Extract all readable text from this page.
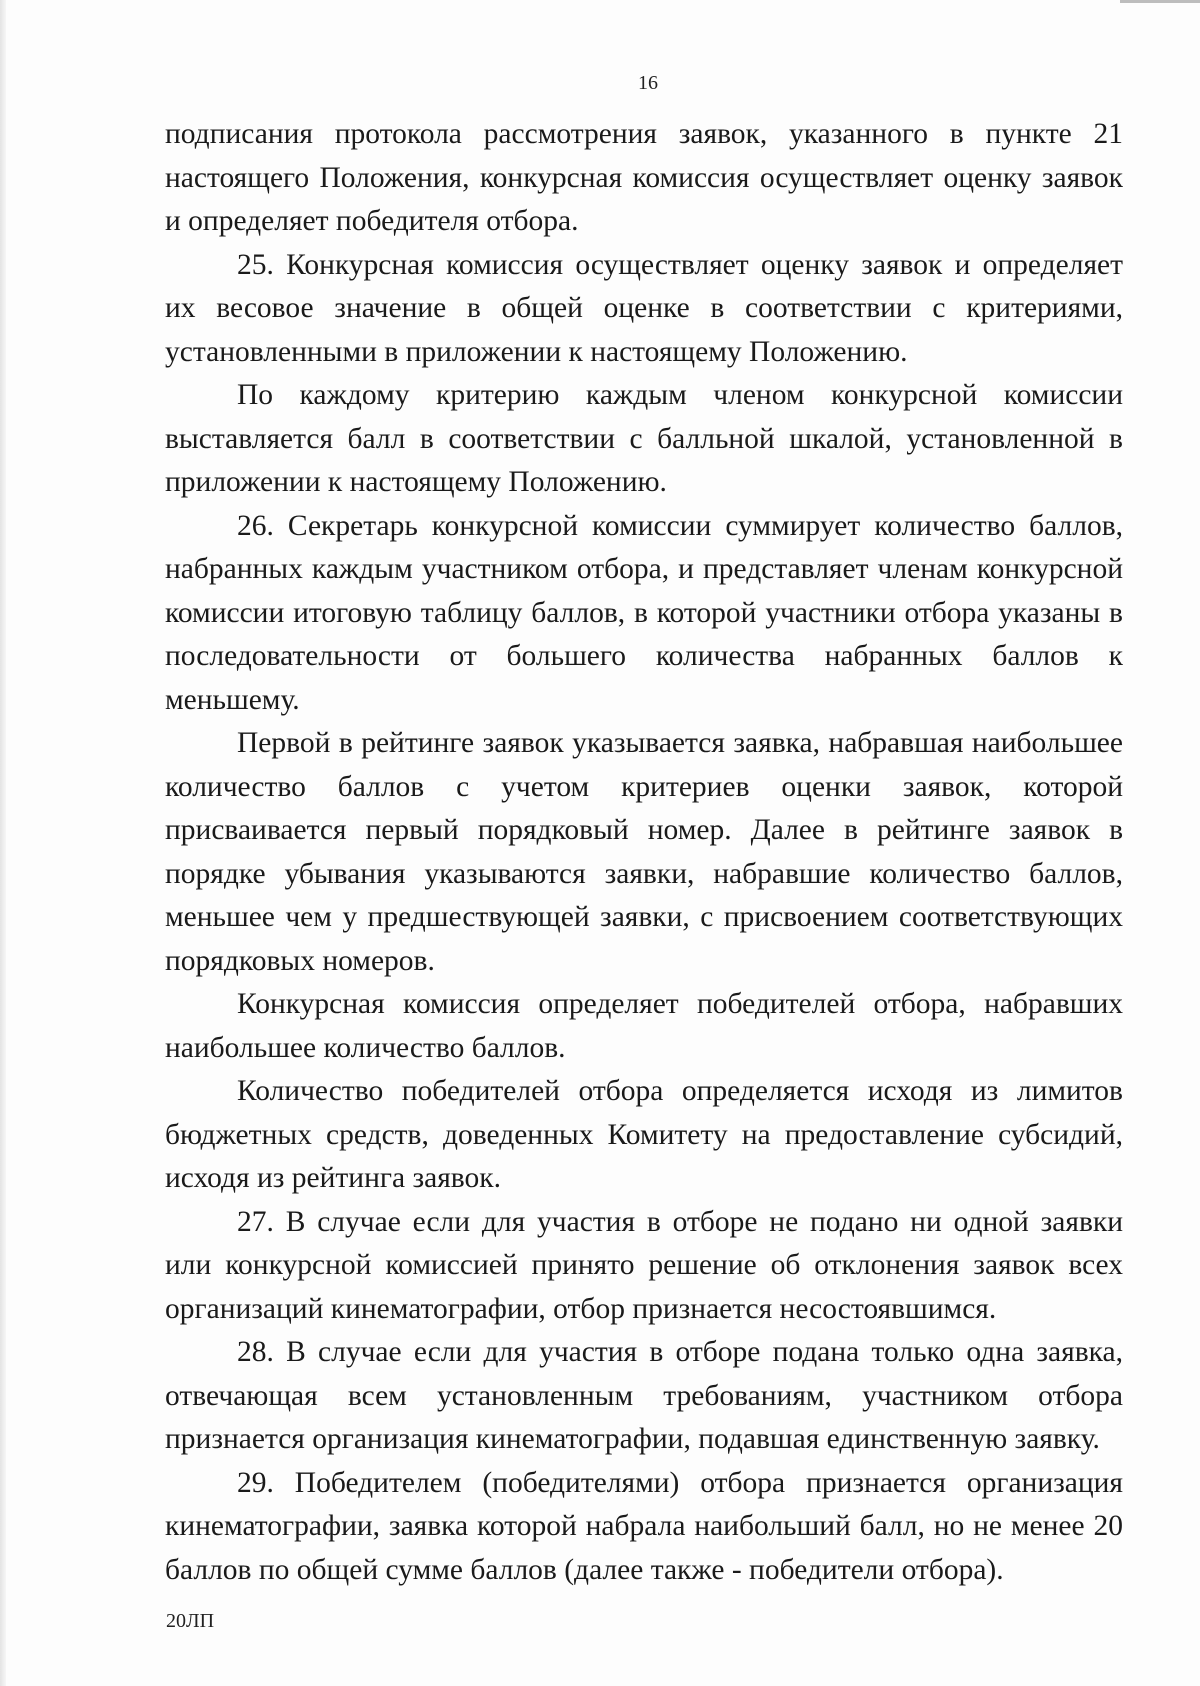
16

подписания протокола рассмотрения заявок, указанного в пункте 21 настоящего Положения, конкурсная комиссия осуществляет оценку заявок и определяет победителя отбора.

25. Конкурсная комиссия осуществляет оценку заявок и определяет их весовое значение в общей оценке в соответствии с критериями, установленными в приложении к настоящему Положению.

По каждому критерию каждым членом конкурсной комиссии выставляется балл в соответствии с балльной шкалой, установленной в приложении к настоящему Положению.

26. Секретарь конкурсной комиссии суммирует количество баллов, набранных каждым участником отбора, и представляет членам конкурсной комиссии итоговую таблицу баллов, в которой участники отбора указаны в последовательности от большего количества набранных баллов к меньшему.

Первой в рейтинге заявок указывается заявка, набравшая наибольшее количество баллов с учетом критериев оценки заявок, которой присваивается первый порядковый номер. Далее в рейтинге заявок в порядке убывания указываются заявки, набравшие количество баллов, меньшее чем у предшествующей заявки, с присвоением соответствующих порядковых номеров.

Конкурсная комиссия определяет победителей отбора, набравших наибольшее количество баллов.

Количество победителей отбора определяется исходя из лимитов бюджетных средств, доведенных Комитету на предоставление субсидий, исходя из рейтинга заявок.

27. В случае если для участия в отборе не подано ни одной заявки или конкурсной комиссией принято решение об отклонения заявок всех организаций кинематографии, отбор признается несостоявшимся.

28. В случае если для участия в отборе подана только одна заявка, отвечающая всем установленным требованиям, участником отбора признается организация кинематографии, подавшая единственную заявку.

29. Победителем (победителями) отбора признается организация кинематографии, заявка которой набрала наибольший балл, но не менее 20 баллов по общей сумме баллов (далее также - победители отбора).

20ЛП
